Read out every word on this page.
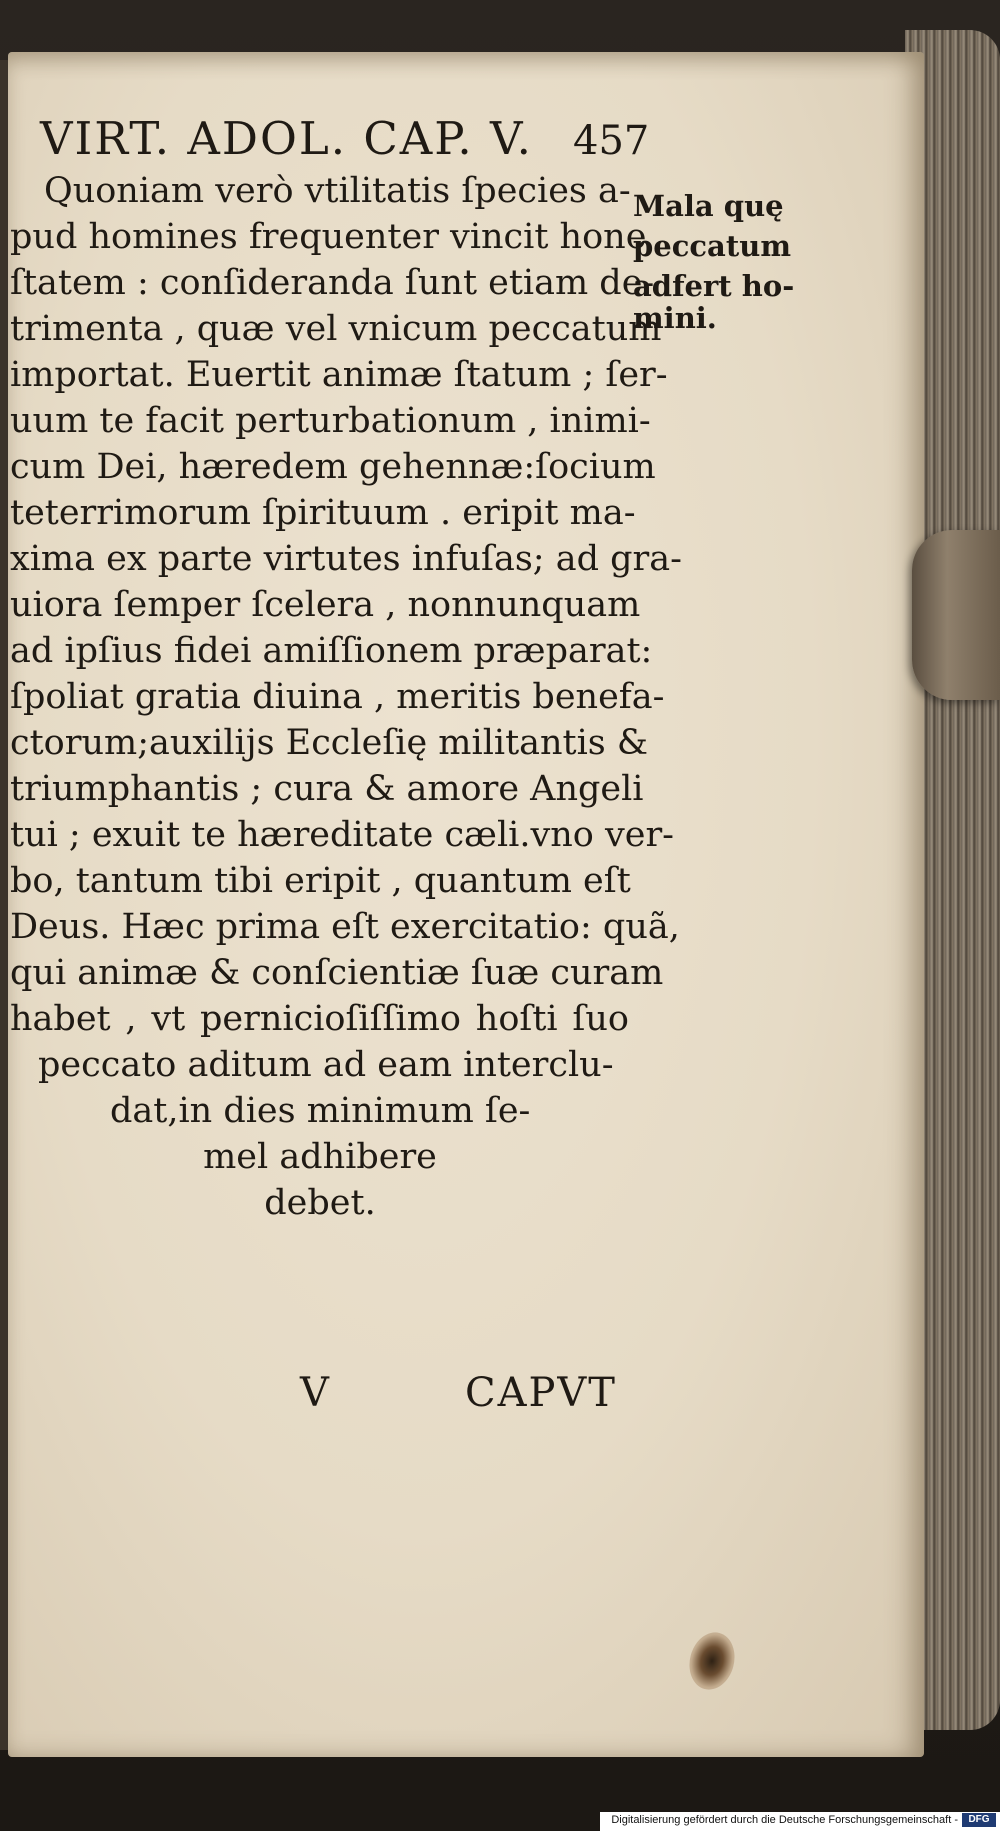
VIRT. ADOL. CAP. V.	457
Quoniam verò vtilitatis ſpecies a-
pud homines frequenter vincit hone
ſtatem : conſideranda ſunt etiam de-
trimenta , quæ vel vnicum peccatum
importat. Euertit animæ ſtatum ; ſer-
uum te facit perturbationum , inimi-
cum Dei, hæredem gehennæ:ſocium
teterrimorum ſpirituum . eripit ma-
xima ex parte virtutes infuſas; ad gra-
uiora ſemper ſcelera , nonnunquam
ad ipſius fidei amiſſionem præparat:
ſpoliat gratia diuina , meritis benefa-
ctorum;auxilijs Eccleſię militantis &
triumphantis ; cura & amore Angeli
tui ; exuit te hæreditate cæli.vno ver-
bo, tantum tibi eripit , quantum eſt
Deus. Hæc prima eſt exercitatio: quã,
qui animæ & conſcientiæ ſuæ curam
habet , vt pernicioſiſſimo hoſti ſuo
peccato aditum ad eam interclu-
dat,in dies minimum ſe-
mel adhibere
debet.
Mala quę
peccatum
adfert ho-
mini.
V	CAPVT
Digitalisierung gefördert durch die Deutsche Forschungsgemeinschaft -	DFG
